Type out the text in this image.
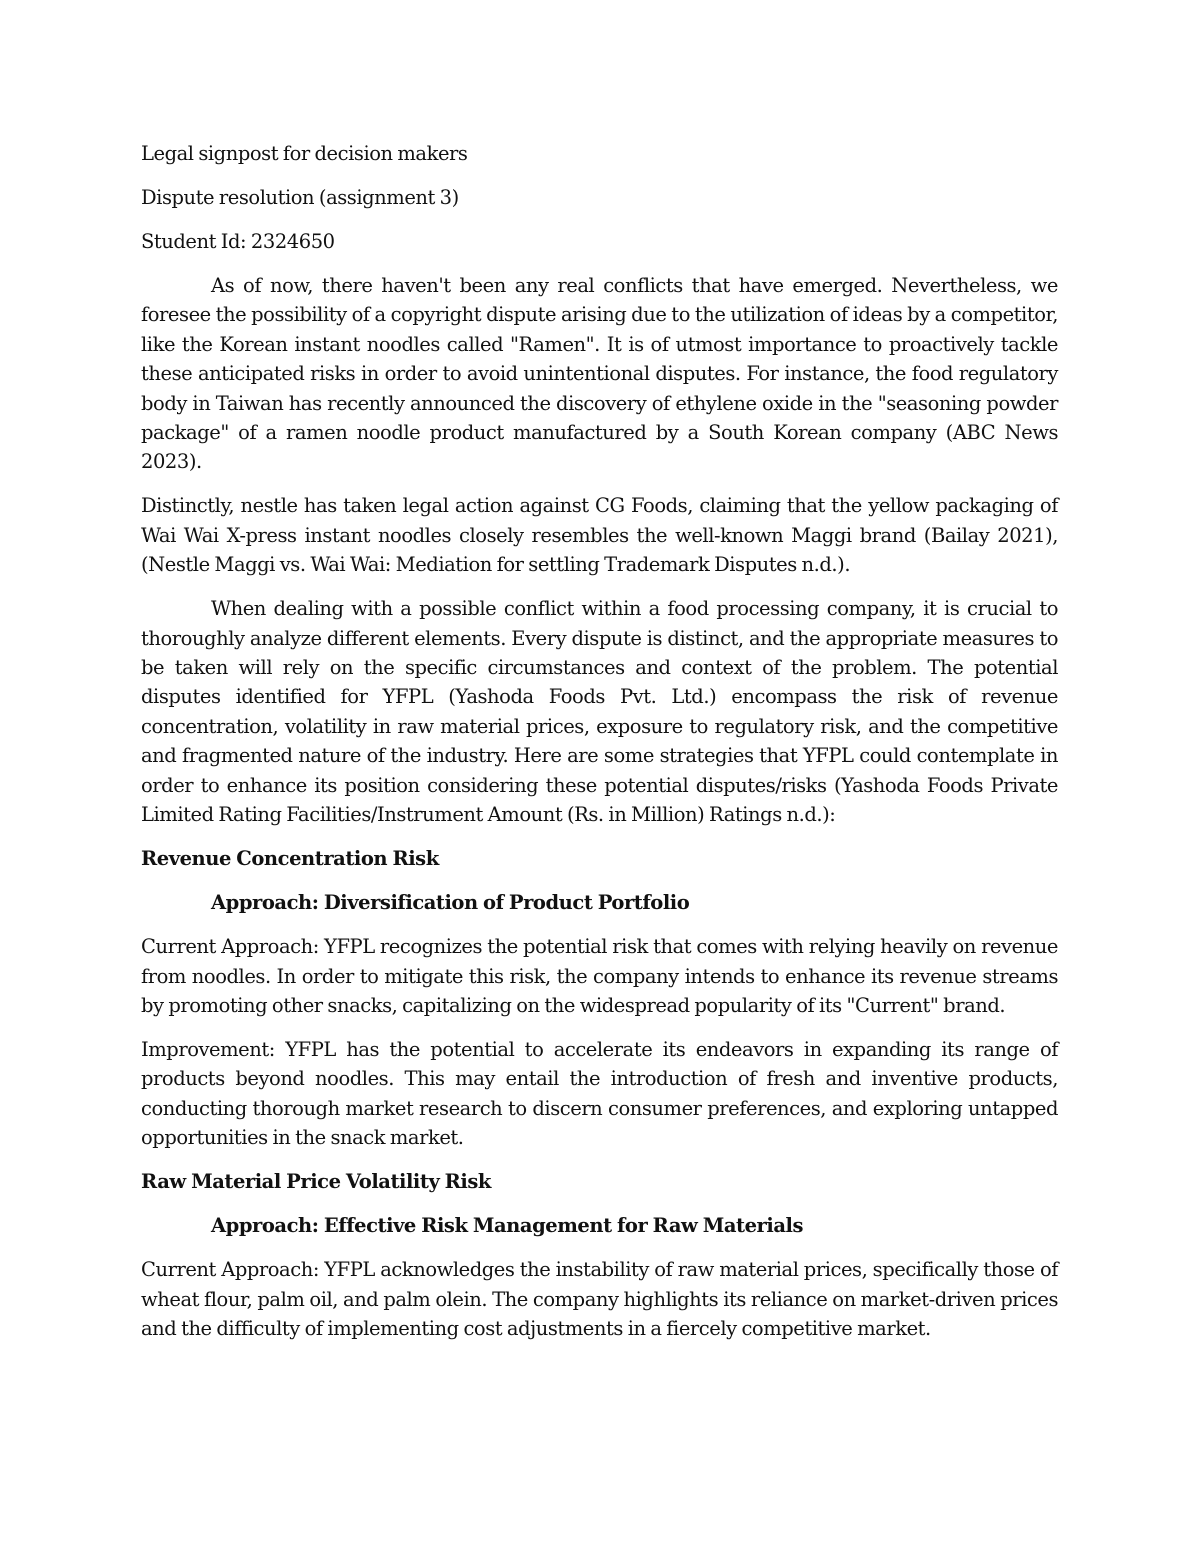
Legal signpost for decision makers

Dispute resolution (assignment 3)

Student Id: 2324650

As of now, there haven't been any real conflicts that have emerged. Nevertheless, we foresee the possibility of a copyright dispute arising due to the utilization of ideas by a competitor, like the Korean instant noodles called "Ramen". It is of utmost importance to proactively tackle these anticipated risks in order to avoid unintentional disputes. For instance, the food regulatory body in Taiwan has recently announced the discovery of ethylene oxide in the "seasoning powder package" of a ramen noodle product manufactured by a South Korean company (ABC News 2023).

Distinctly, nestle has taken legal action against CG Foods, claiming that the yellow packaging of Wai Wai X-press instant noodles closely resembles the well-known Maggi brand (Bailay 2021), (Nestle Maggi vs. Wai Wai: Mediation for settling Trademark Disputes n.d.).

When dealing with a possible conflict within a food processing company, it is crucial to thoroughly analyze different elements. Every dispute is distinct, and the appropriate measures to be taken will rely on the specific circumstances and context of the problem. The potential disputes identified for YFPL (Yashoda Foods Pvt. Ltd.) encompass the risk of revenue concentration, volatility in raw material prices, exposure to regulatory risk, and the competitive and fragmented nature of the industry. Here are some strategies that YFPL could contemplate in order to enhance its position considering these potential disputes/risks (Yashoda Foods Private Limited Rating Facilities/Instrument Amount (Rs. in Million) Ratings n.d.):

Revenue Concentration Risk

Approach: Diversification of Product Portfolio

Current Approach: YFPL recognizes the potential risk that comes with relying heavily on revenue from noodles. In order to mitigate this risk, the company intends to enhance its revenue streams by promoting other snacks, capitalizing on the widespread popularity of its "Current" brand.

Improvement: YFPL has the potential to accelerate its endeavors in expanding its range of products beyond noodles. This may entail the introduction of fresh and inventive products, conducting thorough market research to discern consumer preferences, and exploring untapped opportunities in the snack market.

Raw Material Price Volatility Risk

Approach: Effective Risk Management for Raw Materials

Current Approach: YFPL acknowledges the instability of raw material prices, specifically those of wheat flour, palm oil, and palm olein. The company highlights its reliance on market-driven prices and the difficulty of implementing cost adjustments in a fiercely competitive market.
